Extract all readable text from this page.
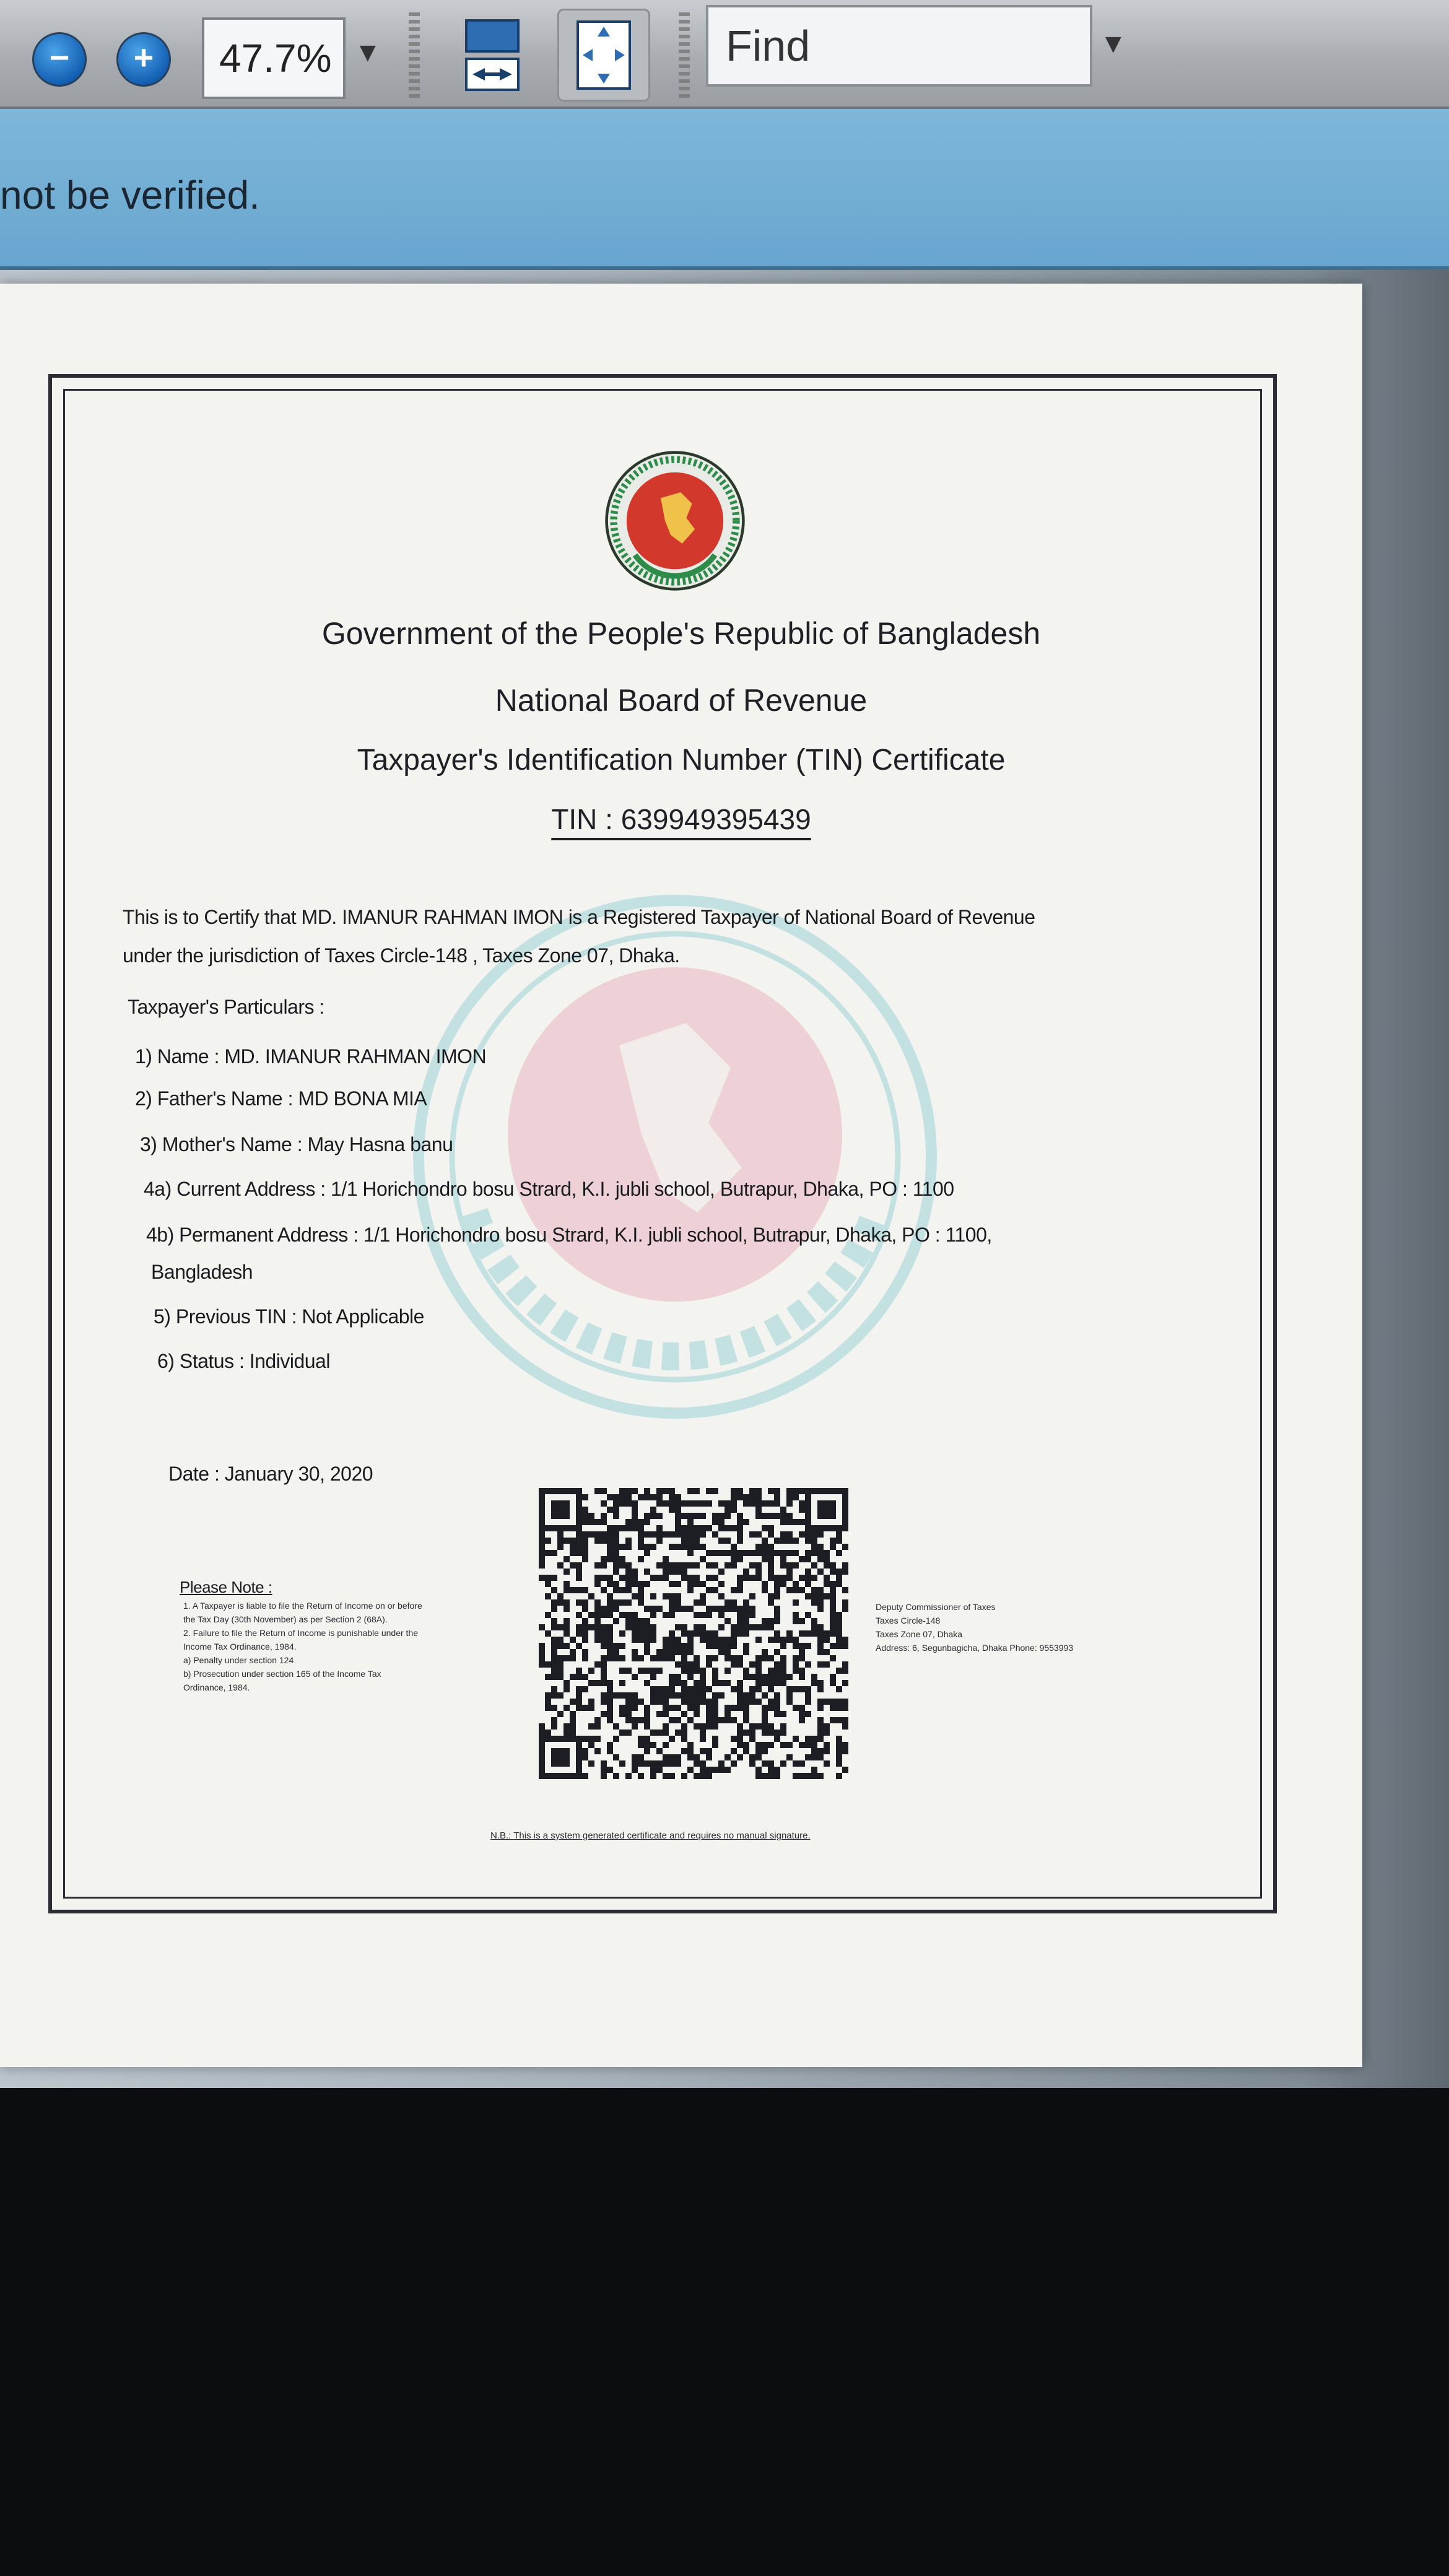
−	+	47.7% ▼	Find	▼
not be verified.
Government of the People's Republic of Bangladesh
National Board of Revenue
Taxpayer's Identification Number (TIN) Certificate
TIN : 639949395439
This is to Certify that MD. IMANUR RAHMAN IMON is a Registered Taxpayer of National Board of Revenue
under the jurisdiction of Taxes Circle-148 , Taxes Zone 07, Dhaka.
Taxpayer's Particulars :
1) Name : MD. IMANUR RAHMAN IMON
2) Father's Name : MD BONA MIA
3) Mother's Name : May Hasna banu
4a) Current Address : 1/1 Horichondro bosu Strard, K.I. jubli school, Butrapur, Dhaka, PO : 1100
4b) Permanent Address : 1/1 Horichondro bosu Strard, K.I. jubli school, Butrapur, Dhaka, PO : 1100,
Bangladesh
5) Previous TIN : Not Applicable
6) Status : Individual
Date : January 30, 2020
Please Note :
1. A Taxpayer is liable to file the Return of Income on or before
the Tax Day (30th November) as per Section 2 (68A).
2. Failure to file the Return of Income is punishable under the
Income Tax Ordinance, 1984.
a) Penalty under section 124
b) Prosecution under section 165 of the Income Tax
Ordinance, 1984.
Deputy Commissioner of Taxes
Taxes Circle-148
Taxes Zone 07, Dhaka
Address: 6, Segunbagicha, Dhaka Phone: 9553993
N.B.: This is a system generated certificate and requires no manual signature.
